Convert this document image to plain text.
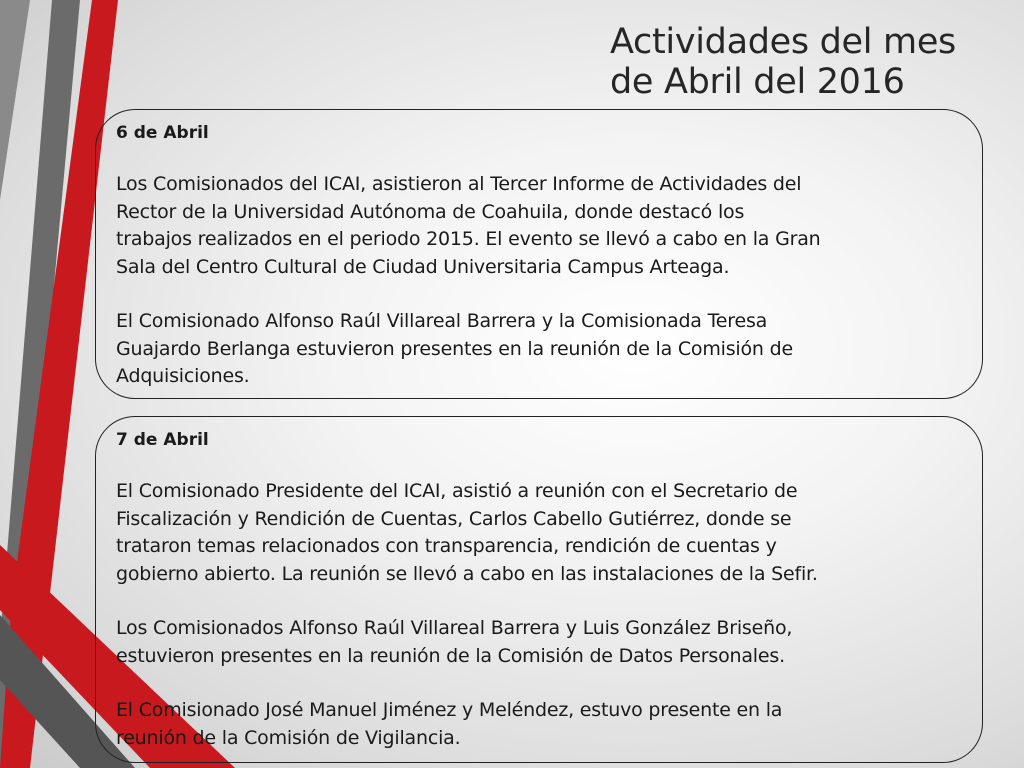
Actividades del mes
de Abril del 2016

6 de Abril

Los Comisionados del ICAI, asistieron al Tercer Informe de Actividades del
Rector de la Universidad Autónoma de Coahuila, donde destacó los
trabajos realizados en el periodo 2015. El evento se llevó a cabo en la Gran
Sala del Centro Cultural de Ciudad Universitaria Campus Arteaga.
El Comisionado Alfonso Raúl Villareal Barrera y la Comisionada Teresa
Guajardo Berlanga estuvieron presentes en la reunión de la Comisión de
Adquisiciones.

7 de Abril

El Comisionado Presidente del ICAI, asistió a reunión con el Secretario de
Fiscalización y Rendición de Cuentas, Carlos Cabello Gutiérrez, donde se
trataron temas relacionados con transparencia, rendición de cuentas y
gobierno abierto. La reunión se llevó a cabo en las instalaciones de la Sefir.
Los Comisionados Alfonso Raúl Villareal Barrera y Luis González Briseño,
estuvieron presentes en la reunión de la Comisión de Datos Personales.
El Comisionado José Manuel Jiménez y Meléndez, estuvo presente en la
reunión de la Comisión de Vigilancia.
